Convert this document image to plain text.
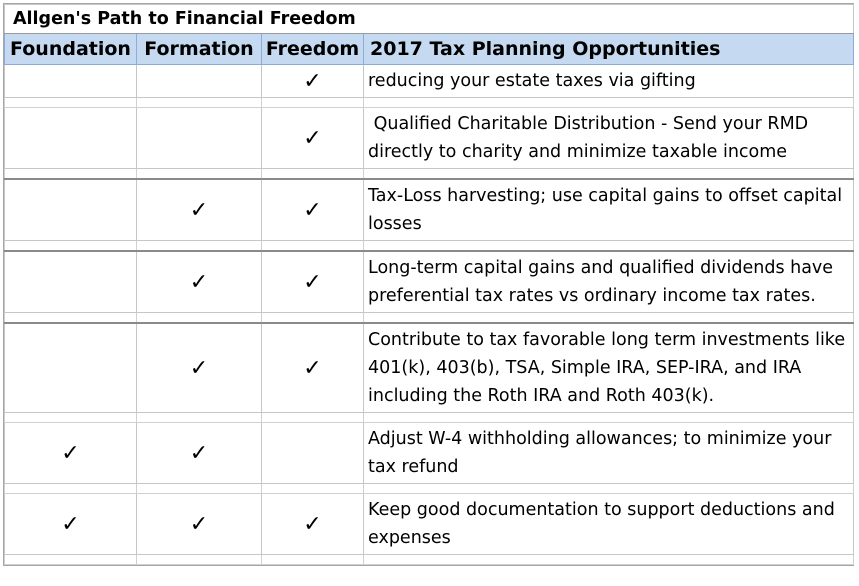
Allgen's Path to Financial Freedom			
Foundation	Formation	Freedom	2017 Tax Planning Opportunities
		✓	reducing your estate taxes via gifting

		✓	Qualified Charitable Distribution - Send your RMD directly to charity and minimize taxable income

	✓	✓	Tax-Loss harvesting; use capital gains to offset capital losses

	✓	✓	Long-term capital gains and qualified dividends have preferential tax rates vs ordinary income tax rates.

	✓	✓	Contribute to tax favorable long term investments like 401(k), 403(b), TSA, Simple IRA, SEP-IRA, and IRA including the Roth IRA and Roth 403(k).

✓	✓		Adjust W-4 withholding allowances; to minimize your tax refund

✓	✓	✓	Keep good documentation to support deductions and expenses
